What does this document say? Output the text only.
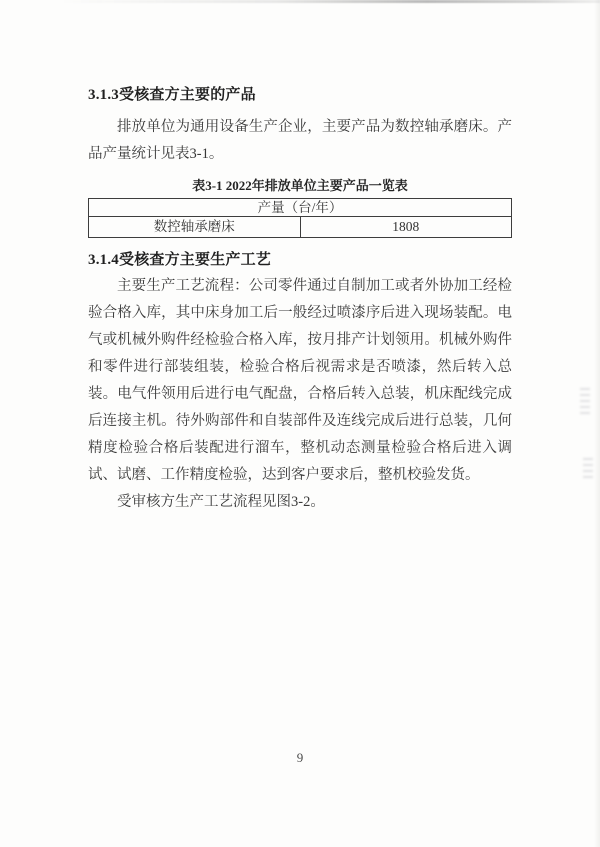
3.1.3受核查方主要的产品
排放单位为通用设备生产企业，主要产品为数控轴承磨床。产
品产量统计见表3-1。
表3-1 2022年排放单位主要产品一览表
产量（台/年）
数控轴承磨床	1808
3.1.4受核查方主要生产工艺
主要生产工艺流程：公司零件通过自制加工或者外协加工经检
验合格入库，其中床身加工后一般经过喷漆序后进入现场装配。电
气或机械外购件经检验合格入库，按月排产计划领用。机械外购件
和零件进行部装组装，检验合格后视需求是否喷漆，然后转入总
装。电气件领用后进行电气配盘，合格后转入总装，机床配线完成
后连接主机。待外购部件和自装部件及连线完成后进行总装，几何
精度检验合格后装配进行溜车，整机动态测量检验合格后进入调
试、试磨、工作精度检验，达到客户要求后，整机校验发货。
受审核方生产工艺流程见图3-2。
9
